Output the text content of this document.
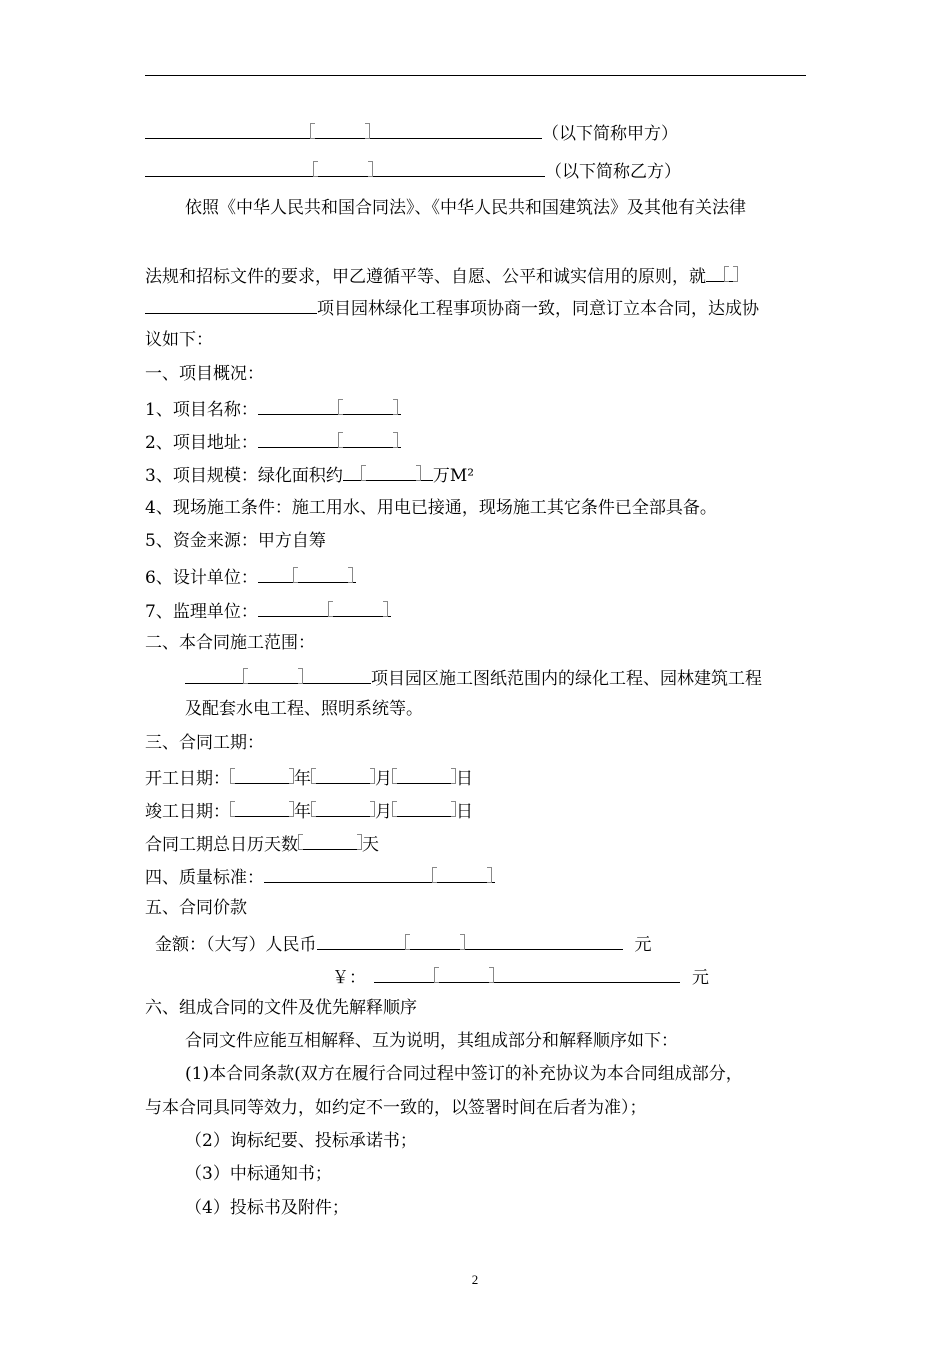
（以下简称甲方）
（以下简称乙方）
依照《中华人民共和国合同法》、《中华人民共和国建筑法》及其他有关法律
法规和招标文件的要求，甲乙遵循平等、自愿、公平和诚实信用的原则，就
项目园林绿化工程事项协商一致，同意订立本合同，达成协
议如下：
一、项目概况：
1、项目名称：
2、项目地址：
3、项目规模：绿化面积约	万M²
4、现场施工条件：施工用水、用电已接通，现场施工其它条件已全部具备。
5、资金来源：甲方自筹
6、设计单位：
7、监理单位：
二、本合同施工范围：
项目园区施工图纸范围内的绿化工程、园林建筑工程
及配套水电工程、照明系统等。
三、合同工期：
开工日期：	年	月	日
竣工日期：	年	月	日
合同工期总日历天数	天
四、质量标准：
五、合同价款
金额：（大写）人民币	元
￥：	元
六、组成合同的文件及优先解释顺序
合同文件应能互相解释、互为说明，其组成部分和解释顺序如下：
(1)本合同条款(双方在履行合同过程中签订的补充协议为本合同组成部分，
与本合同具同等效力，如约定不一致的，以签署时间在后者为准）；
（2）询标纪要、投标承诺书；
（3）中标通知书；
（4）投标书及附件；
2
